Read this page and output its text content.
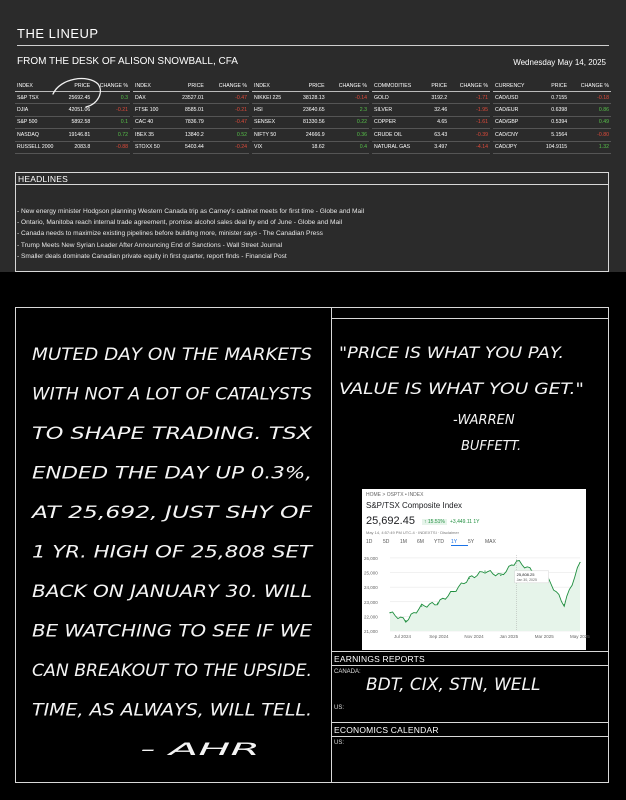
THE LINEUP
FROM THE DESK OF ALISON SNOWBALL, CFA	Wednesday May 14, 2025
INDEX	PRICE	CHANGE %
S&P TSX	25692.45	0.3
DJIA	42051.06	-0.21
S&P 500	5892.58	0.1
NASDAQ	19146.81	0.72
RUSSELL 2000	2083.8	-0.88
INDEX	PRICE	CHANGE %
DAX	23527.01	-0.47
FTSE 100	8585.01	-0.21
CAC 40	7836.79	-0.47
IBEX 35	13840.2	0.52
STOXX 50	5403.44	-0.24
INDEX	PRICE	CHANGE %
NIKKEI 225	38128.13	-0.14
HSI	23640.65	2.3
SENSEX	81330.56	0.22
NIFTY 50	24666.9	0.36
VIX	18.62	0.4
COMMODITIES	PRICE	CHANGE %
GOLD	3192.2	-1.71
SILVER	32.46	-1.95
COPPER	4.65	-1.61
CRUDE OIL	63.43	-0.39
NATURAL GAS	3.497	-4.14
CURRENCY	PRICE	CHANGE %
CAD/USD	0.7155	-0.18
CAD/EUR	0.6398	0.86
CAD/GBP	0.5394	0.49
CAD/CNY	5.1564	-0.80
CAD/JPY	104.9115	1.32
HEADLINES
- New energy minister Hodgson planning Western Canada trip as Carney's cabinet meets for first time - Globe and Mail
- Ontario, Manitoba reach internal trade agreement, promise alcohol sales deal by end of June - Globe and Mail
- Canada needs to maximize existing pipelines before building more, minister says - The Canadian Press
- Trump Meets New Syrian Leader After Announcing End of Sanctions - Wall Street Journal
- Smaller deals dominate Canadian private equity in first quarter, report finds - Financial Post
MUTED DAY ON THE MARKETS
WITH NOT A LOT OF CATALYSTS
TO SHAPE TRADING. TSX
ENDED THE DAY UP 0.3%,
AT 25,692, JUST SHY OF
1 YR. HIGH OF 25,808 SET
BACK ON JANUARY 30. WILL
BE WATCHING TO SEE IF WE
CAN BREAKOUT TO THE UPSIDE.
TIME, AS ALWAYS, WILL TELL.
- AHR
"PRICE IS WHAT YOU PAY.
VALUE IS WHAT YOU GET."
-WARREN
BUFFETT.
HOME > OSPTX • INDEX
S&P/TSX Composite Index
25,692.45	↑ 15.51%	+3,449.11 1Y
May 14, 4:57:49 PM UTC-4 · INDEXTSI · Disclaimer
1D 5D 1M 6M YTD 1Y 5Y MAX
26,000
25,000
24,000
23,000
22,000
21,000
25,808.25
Jan 30, 2025
Jul 2024	Sep 2024	Nov 2024	Jan 2025	Mar 2025	May 2025
EARNINGS REPORTS
CANADA:
BDT, CIX, STN, WELL
US:
ECONOMICS CALENDAR
US:
